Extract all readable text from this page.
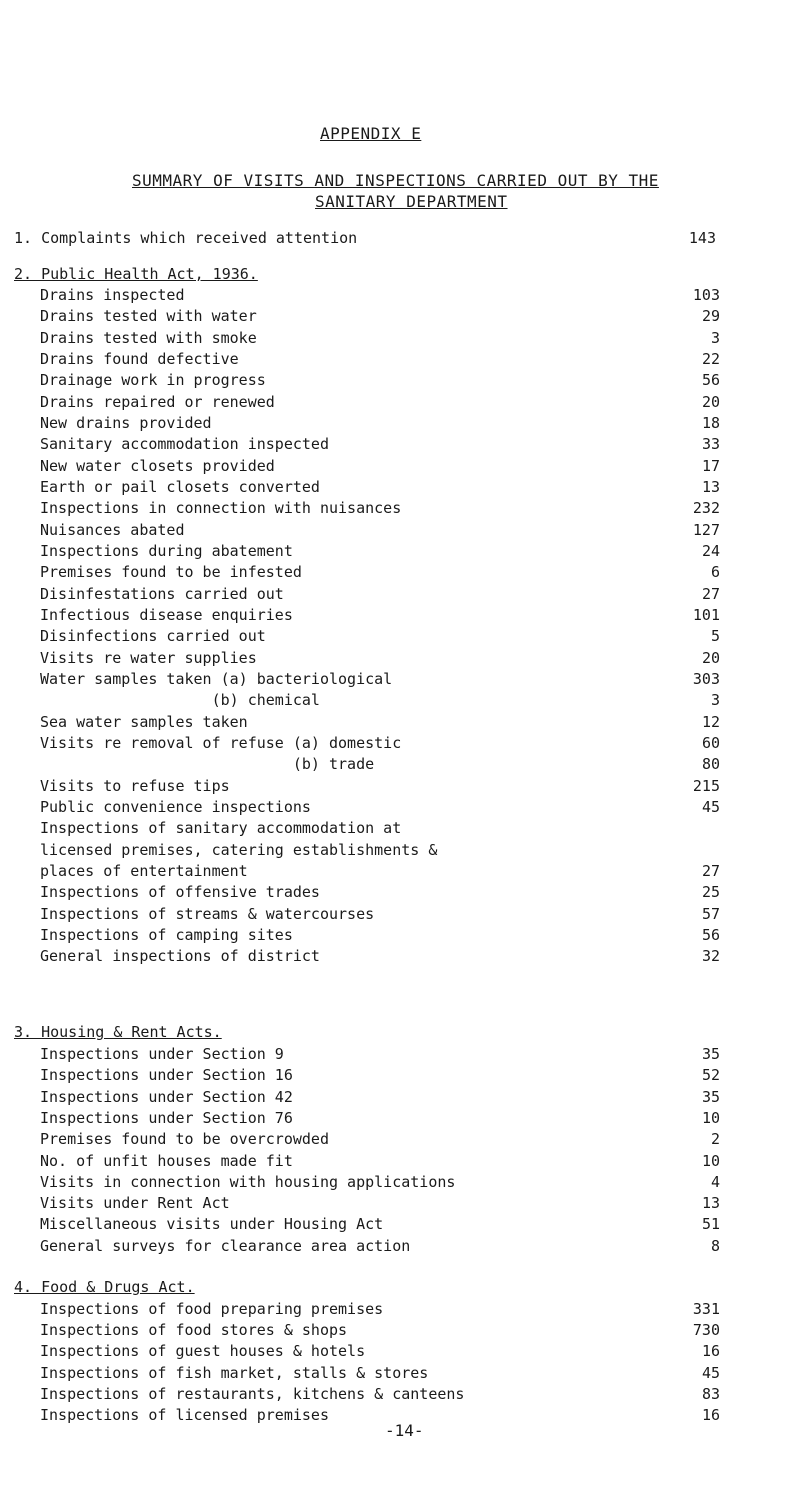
APPENDIX E
SUMMARY OF VISITS AND INSPECTIONS CARRIED OUT BY THE
SANITARY DEPARTMENT
1. Complaints which received attention	143
2. Public Health Act, 1936.
Drains inspected	103
Drains tested with water	29
Drains tested with smoke	3
Drains found defective	22
Drainage work in progress	56
Drains repaired or renewed	20
New drains provided	18
Sanitary accommodation inspected	33
New water closets provided	17
Earth or pail closets converted	13
Inspections in connection with nuisances	232
Nuisances abated	127
Inspections during abatement	24
Premises found to be infested	6
Disinfestations carried out	27
Infectious disease enquiries	101
Disinfections carried out	5
Visits re water supplies	20
Water samples taken (a) bacteriological	303
(b) chemical	3
Sea water samples taken	12
Visits re removal of refuse (a) domestic	60
(b) trade	80
Visits to refuse tips	215
Public convenience inspections	45
Inspections of sanitary accommodation at
licensed premises, catering establishments &
places of entertainment	27
Inspections of offensive trades	25
Inspections of streams & watercourses	57
Inspections of camping sites	56
General inspections of district	32
3. Housing & Rent Acts.
Inspections under Section 9	35
Inspections under Section 16	52
Inspections under Section 42	35
Inspections under Section 76	10
Premises found to be overcrowded	2
No. of unfit houses made fit	10
Visits in connection with housing applications	4
Visits under Rent Act	13
Miscellaneous visits under Housing Act	51
General surveys for clearance area action	8
4. Food & Drugs Act.
Inspections of food preparing premises	331
Inspections of food stores & shops	730
Inspections of guest houses & hotels	16
Inspections of fish market, stalls & stores	45
Inspections of restaurants, kitchens & canteens	83
Inspections of licensed premises	16
-14-
